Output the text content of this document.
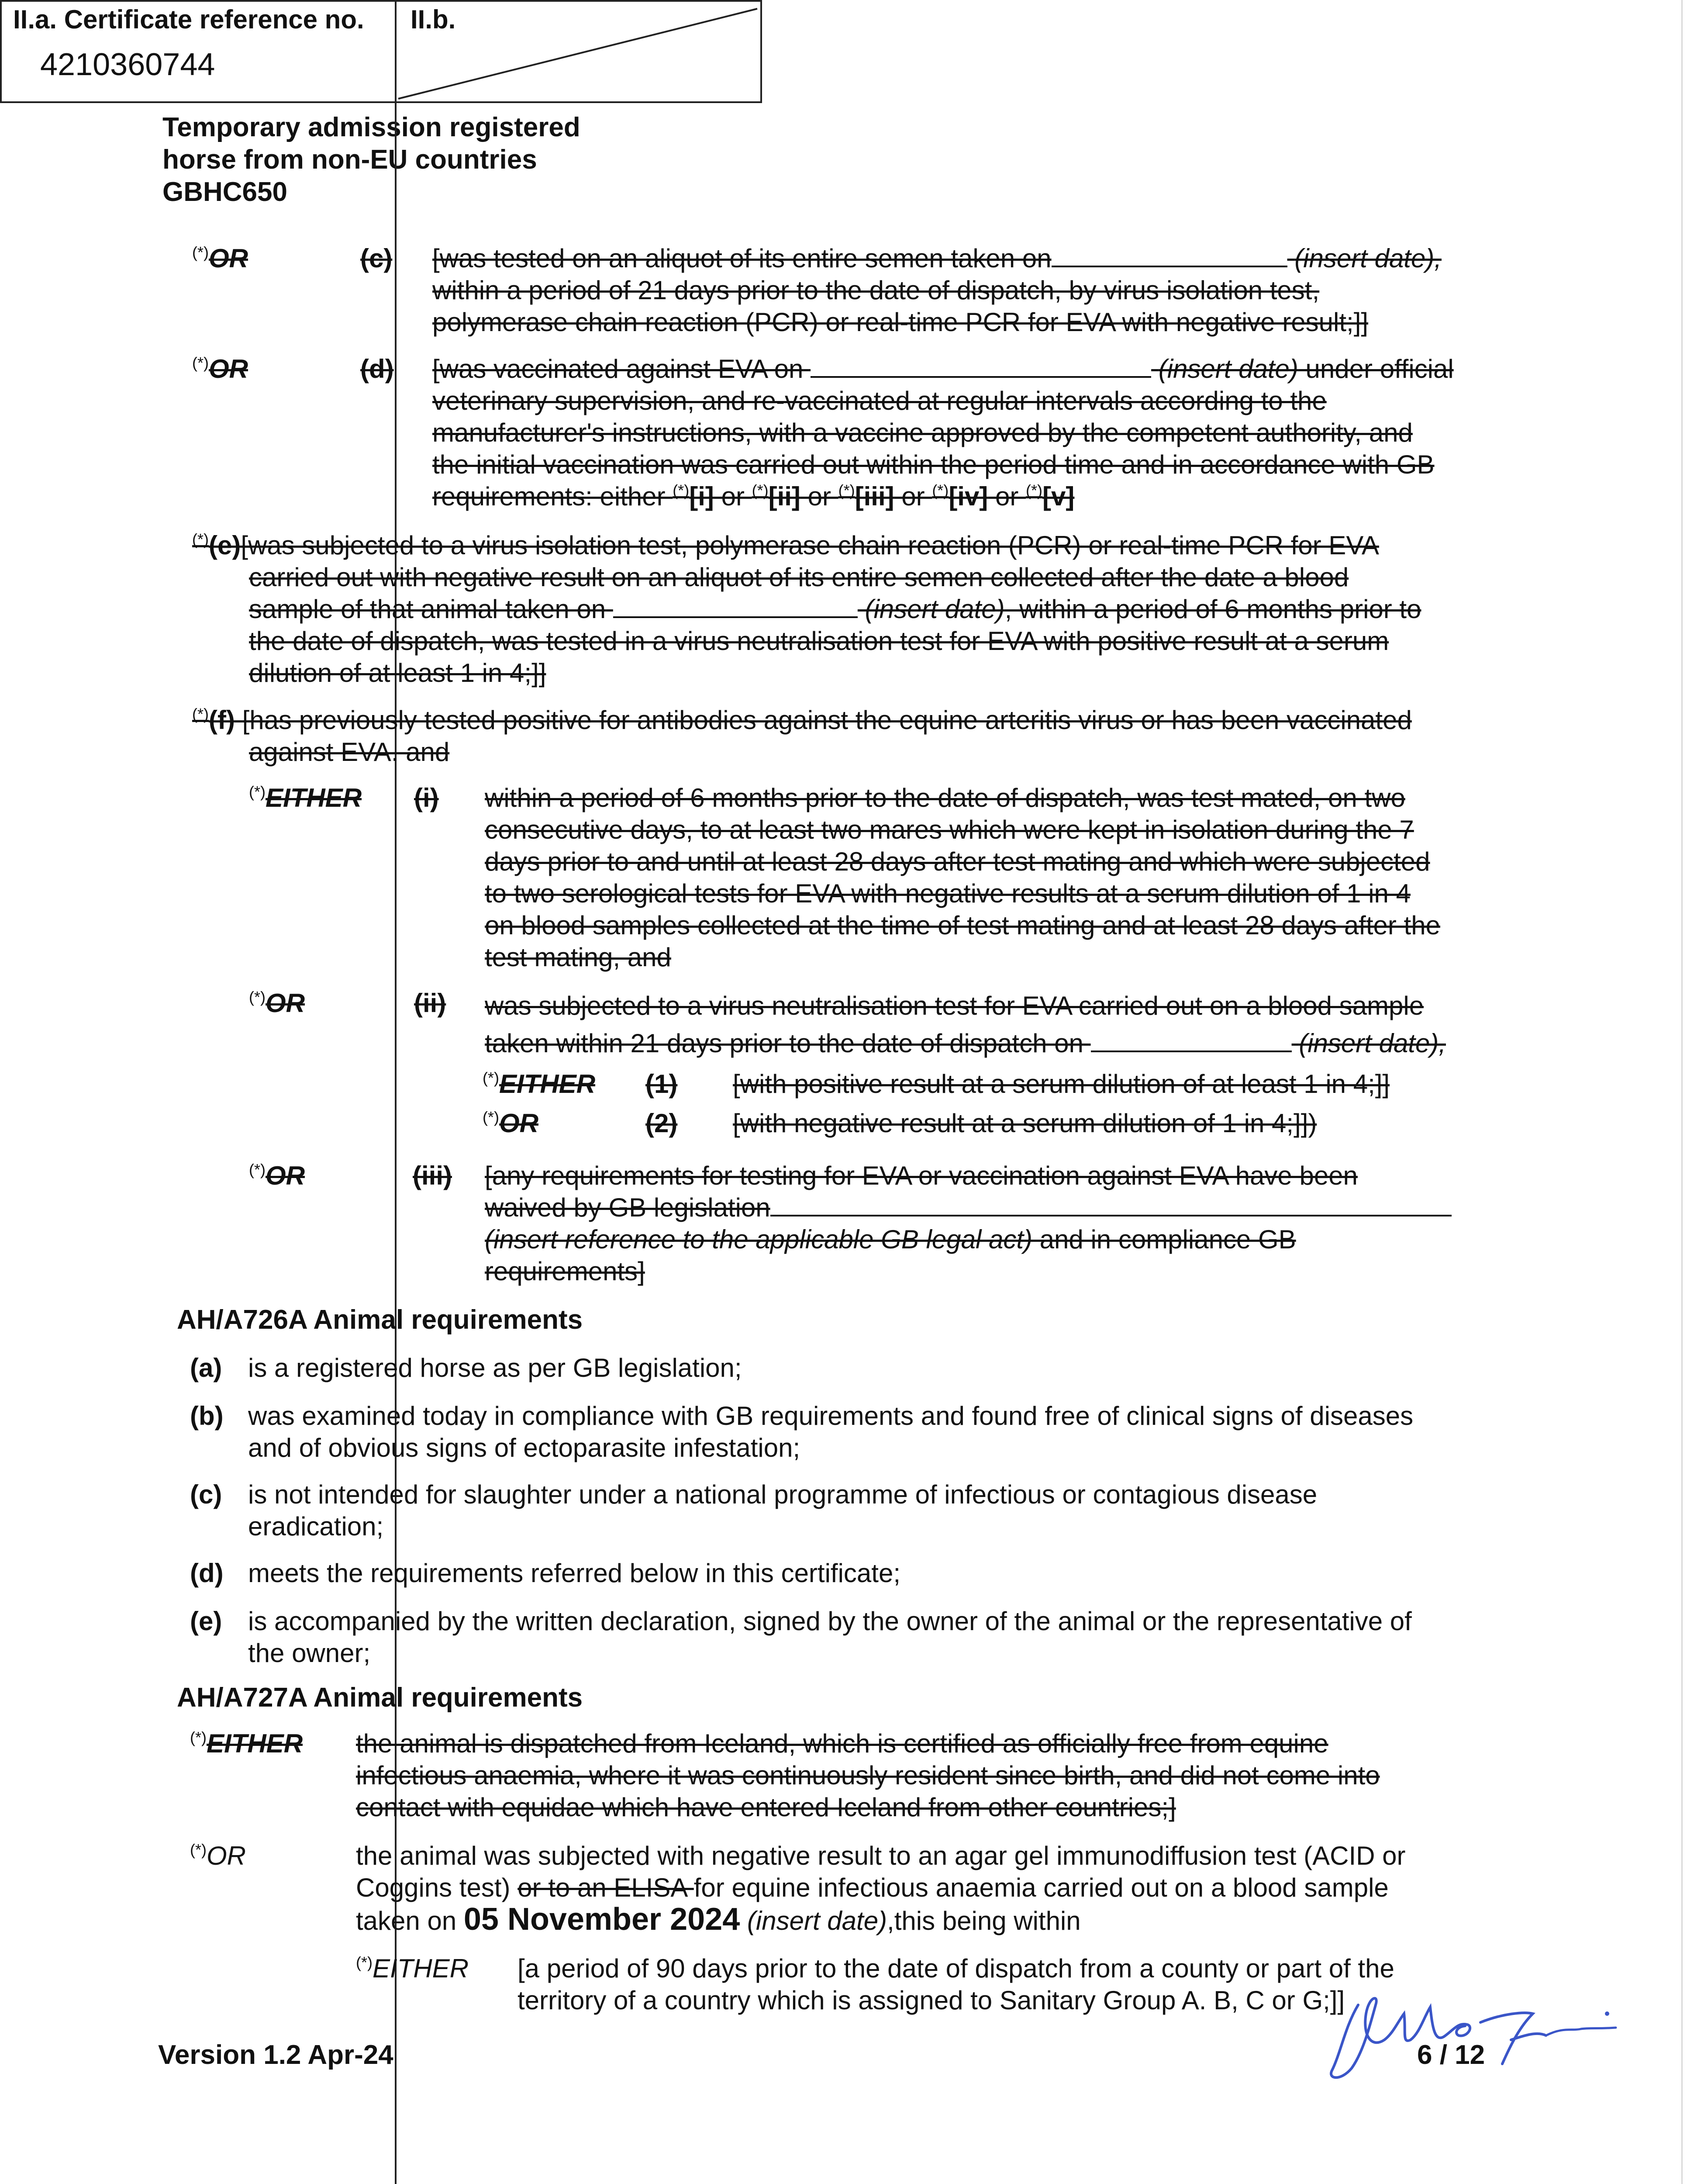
Temporary admission registered
horse from non-EU countries
GBHC650
II.a. Certificate reference no.
4210360744
II.b.
(*)OR	(c) [was tested on an aliquot of its entire semen taken on	(insert date),
within a period of 21 days prior to the date of dispatch, by virus isolation test,
polymerase chain reaction (PCR) or real-time PCR for EVA with negative result;]]
(*)OR	(d) [was vaccinated against EVA on	(insert date) under official
veterinary supervision, and re-vaccinated at regular intervals according to the
manufacturer's instructions, with a vaccine approved by the competent authority, and
the initial vaccination was carried out within the period time and in accordance with GB
requirements: either (*)[i] or (*)[ii] or (*)[iii] or (*)[iv] or (*)[v]
(*)(e)[was subjected to a virus isolation test, polymerase chain reaction (PCR) or real-time PCR for EVA
carried out with negative result on an aliquot of its entire semen collected after the date a blood
sample of that animal taken on	(insert date), within a period of 6 months prior to
the date of dispatch, was tested in a virus neutralisation test for EVA with positive result at a serum
dilution of at least 1 in 4;]]
(*)(f) [has previously tested positive for antibodies against the equine arteritis virus or has been vaccinated
against EVA. and
(*)EITHER (i) within a period of 6 months prior to the date of dispatch, was test mated, on two
consecutive days, to at least two mares which were kept in isolation during the 7
days prior to and until at least 28 days after test mating and which were subjected
to two serological tests for EVA with negative results at a serum dilution of 1 in 4
on blood samples collected at the time of test mating and at least 28 days after the
test mating, and
(*)OR	(ii) was subjected to a virus neutralisation test for EVA carried out on a blood sample
taken within 21 days prior to the date of dispatch on	(insert date),
(*)EITHER (1) [with positive result at a serum dilution of at least 1 in 4;]]
(*)OR	(2) [with negative result at a serum dilution of 1 in 4;]])
(*)OR	(iii) [any requirements for testing for EVA or vaccination against EVA have been
waived by GB legislation
(insert reference to the applicable GB legal act) and in compliance GB
requirements]
AH/A726A Animal requirements
(a) is a registered horse as per GB legislation;
(b) was examined today in compliance with GB requirements and found free of clinical signs of diseases
and of obvious signs of ectoparasite infestation;
(c) is not intended for slaughter under a national programme of infectious or contagious disease
eradication;
(d) meets the requirements referred below in this certificate;
(e) is accompanied by the written declaration, signed by the owner of the animal or the representative of
the owner;
AH/A727A Animal requirements
(*)EITHER the animal is dispatched from Iceland, which is certified as officially free from equine
infectious anaemia, where it was continuously resident since birth, and did not come into
contact with equidae which have entered Iceland from other countries;]
(*)OR	the animal was subjected with negative result to an agar gel immunodiffusion test (ACID or
Coggins test) or to an ELISA for equine infectious anaemia carried out on a blood sample
taken on 05 November 2024 (insert date),this being within
(*)EITHER [a period of 90 days prior to the date of dispatch from a county or part of the
territory of a country which is assigned to Sanitary Group A. B, C or G;]]
Version 1.2 Apr-24	6 / 12
